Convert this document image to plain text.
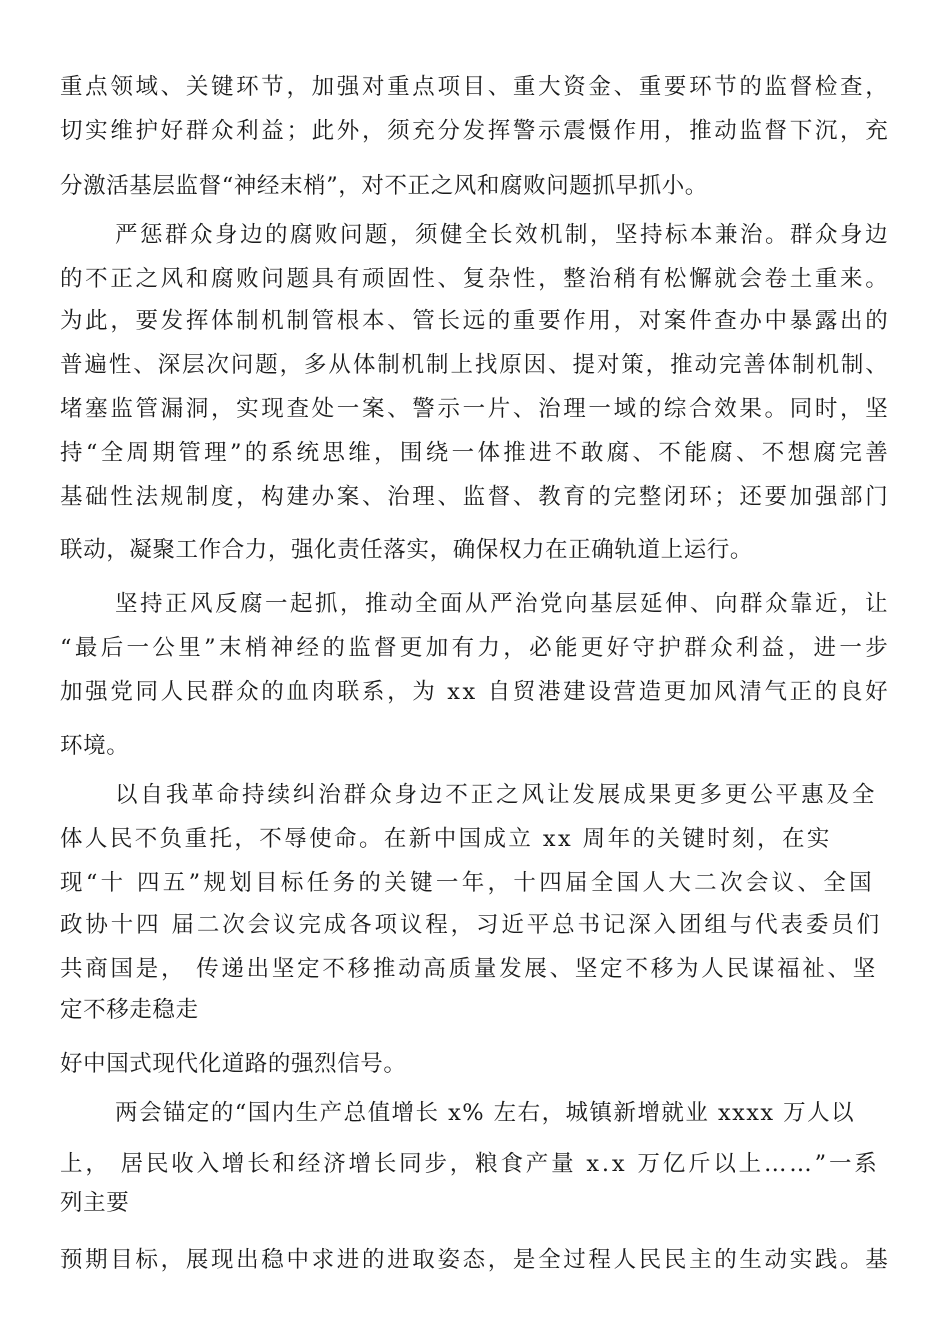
重点领域、关键环节，加强对重点项目、重大资金、重要环节的监督检查，
切实维护好群众利益；此外，须充分发挥警示震慑作用，推动监督下沉，充
分激活基层监督“神经末梢”，对不正之风和腐败问题抓早抓小。
严惩群众身边的腐败问题，须健全长效机制，坚持标本兼治。群众身边
的不正之风和腐败问题具有顽固性、复杂性，整治稍有松懈就会卷土重来。
为此，要发挥体制机制管根本、管长远的重要作用，对案件查办中暴露出的
普遍性、深层次问题，多从体制机制上找原因、提对策，推动完善体制机制、
堵塞监管漏洞，实现查处一案、警示一片、治理一域的综合效果。同时，坚
持“全周期管理”的系统思维，围绕一体推进不敢腐、不能腐、不想腐完善
基础性法规制度，构建办案、治理、监督、教育的完整闭环；还要加强部门
联动，凝聚工作合力，强化责任落实，确保权力在正确轨道上运行。
坚持正风反腐一起抓，推动全面从严治党向基层延伸、向群众靠近，让
“最后一公里”末梢神经的监督更加有力，必能更好守护群众利益，进一步
加强党同人民群众的血肉联系，为 xx 自贸港建设营造更加风清气正的良好
环境。
以自我革命持续纠治群众身边不正之风让发展成果更多更公平惠及全
体人民不负重托，不辱使命。在新中国成立 xx 周年的关键时刻，在实
现“十 四五”规划目标任务的关键一年，十四届全国人大二次会议、全国
政协十四 届二次会议完成各项议程，习近平总书记深入团组与代表委员们
共商国是， 传递出坚定不移推动高质量发展、坚定不移为人民谋福祉、坚
定不移走稳走
好中国式现代化道路的强烈信号。
两会锚定的“国内生产总值增长 x% 左右，城镇新增就业 xxxx 万人以
上， 居民收入增长和经济增长同步，粮食产量 x.x 万亿斤以上……”一系
列主要
预期目标，展现出稳中求进的进取姿态，是全过程人民民主的生动实践。基
